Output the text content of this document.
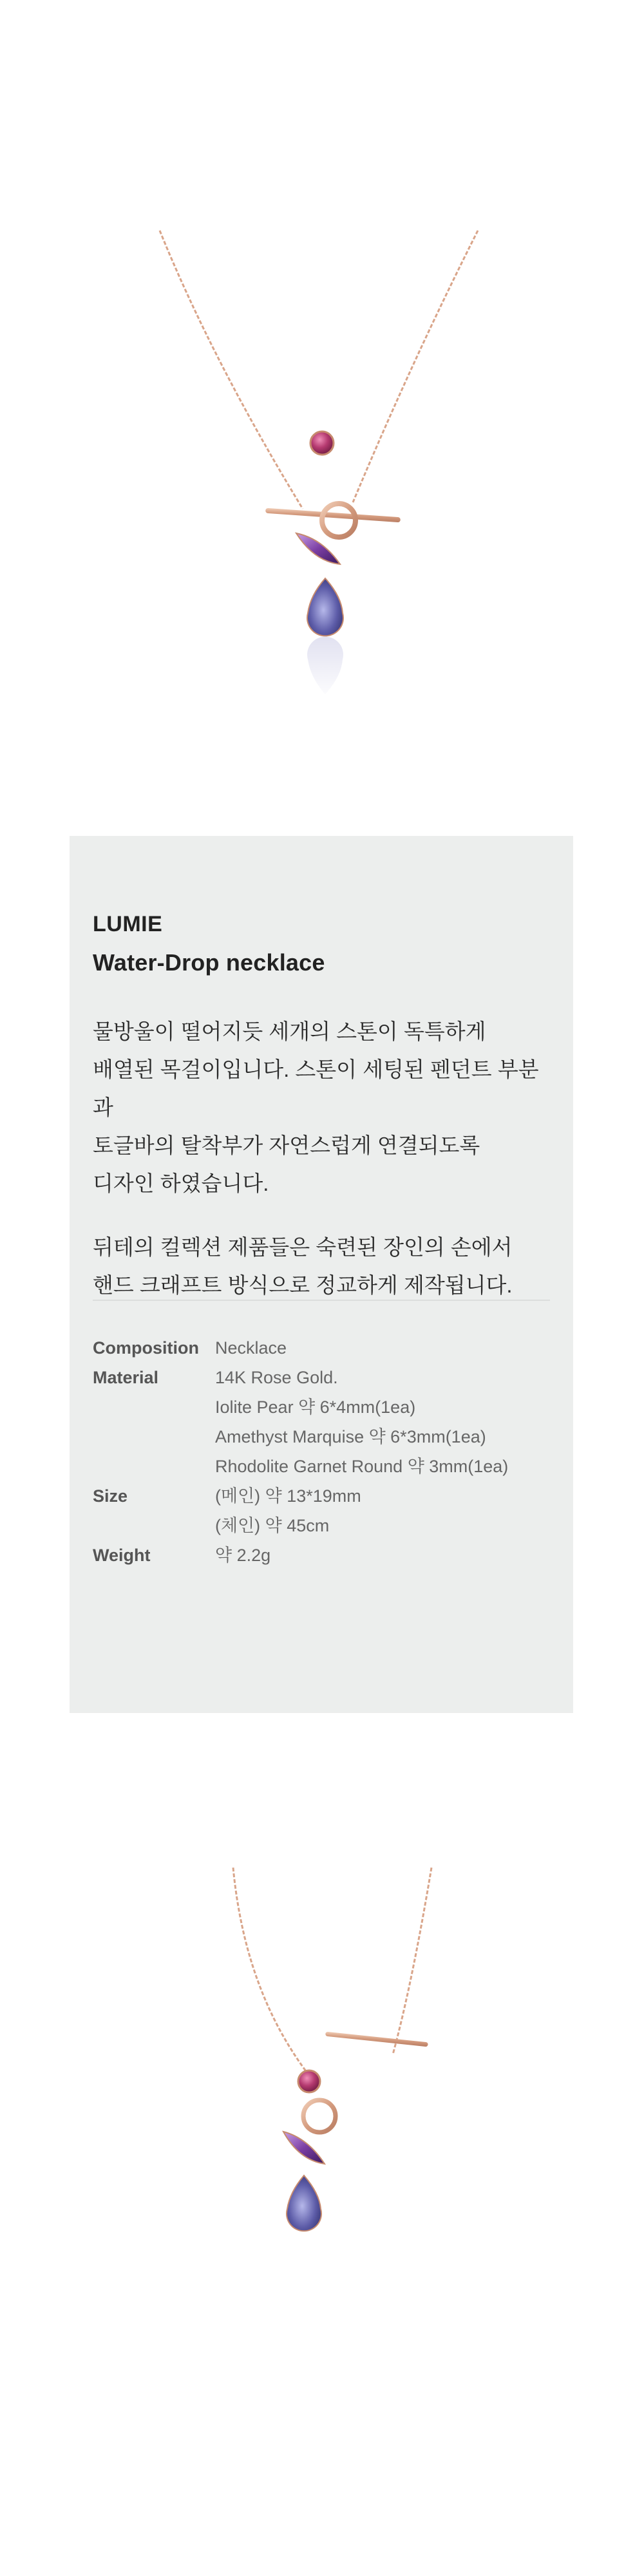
LUMIE
Water-Drop necklace

물방울이 떨어지듯 세개의 스톤이 독특하게

배열된 목걸이입니다. 스톤이 세팅된 펜던트 부분과

토글바의 탈착부가 자연스럽게 연결되도록

디자인 하였습니다.

뒤테의 컬렉션 제품들은 숙련된 장인의 손에서

핸드 크래프트 방식으로 정교하게 제작됩니다.

Composition Necklace
Material	14K Rose Gold.
Iolite Pear 약 6*4mm(1ea)
Amethyst Marquise 약 6*3mm(1ea)
Rhodolite Garnet Round 약 3mm(1ea)
Size	(메인) 약 13*19mm
(체인) 약 45cm
Weight	약 2.2g
